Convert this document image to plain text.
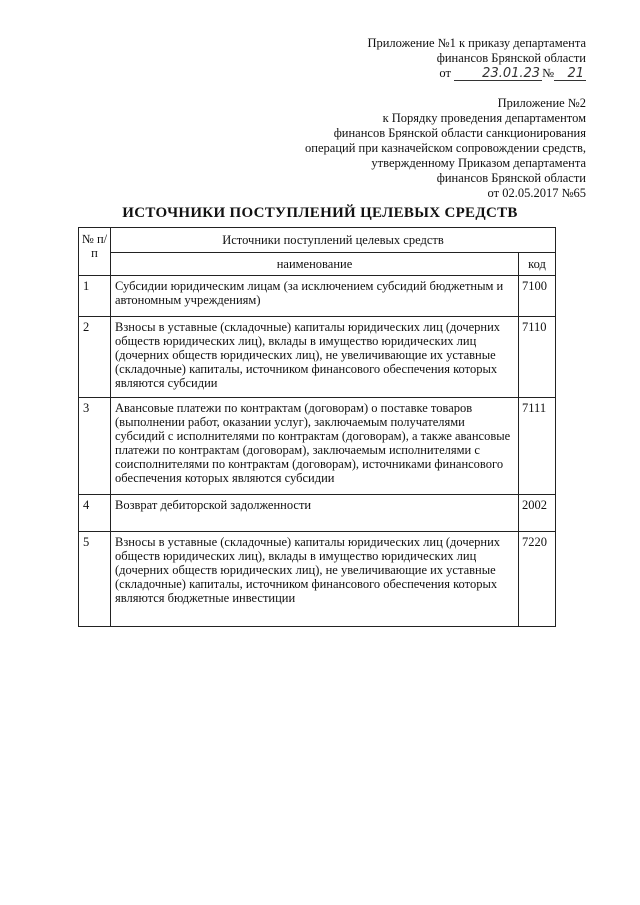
Приложение №1 к приказу департамента
финансов Брянской области
от 23.01.23 № 21
Приложение №2
к Порядку проведения департаментом
финансов Брянской области санкционирования
операций при казначейском сопровождении средств,
утвержденному Приказом департамента
финансов Брянской области
от 02.05.2017 №65
ИСТОЧНИКИ ПОСТУПЛЕНИЙ ЦЕЛЕВЫХ СРЕДСТВ
№ п/п	Источники поступлений целевых средств	
	наименование	код
1	Субсидии юридическим лицам (за исключением субсидий бюджетным и автономным учреждениям)	7100
2	Взносы в уставные (складочные) капиталы юридических лиц (дочерних обществ юридических лиц), вклады в имущество юридических лиц (дочерних обществ юридических лиц), не увеличивающие их уставные (складочные) капиталы, источником финансового обеспечения которых являются субсидии	7110
3	Авансовые платежи по контрактам (договорам) о поставке товаров (выполнении работ, оказании услуг), заключаемым получателями субсидий с исполнителями по контрактам (договорам), а также авансовые платежи по контрактам (договорам), заключаемым исполнителями с соисполнителями по контрактам (договорам), источниками финансового обеспечения которых являются субсидии	7111
4	Возврат дебиторской задолженности	2002
5	Взносы в уставные (складочные) капиталы юридических лиц (дочерних обществ юридических лиц), вклады в имущество юридических лиц (дочерних обществ юридических лиц), не увеличивающие их уставные (складочные) капиталы, источником финансового обеспечения которых являются бюджетные инвестиции	7220
